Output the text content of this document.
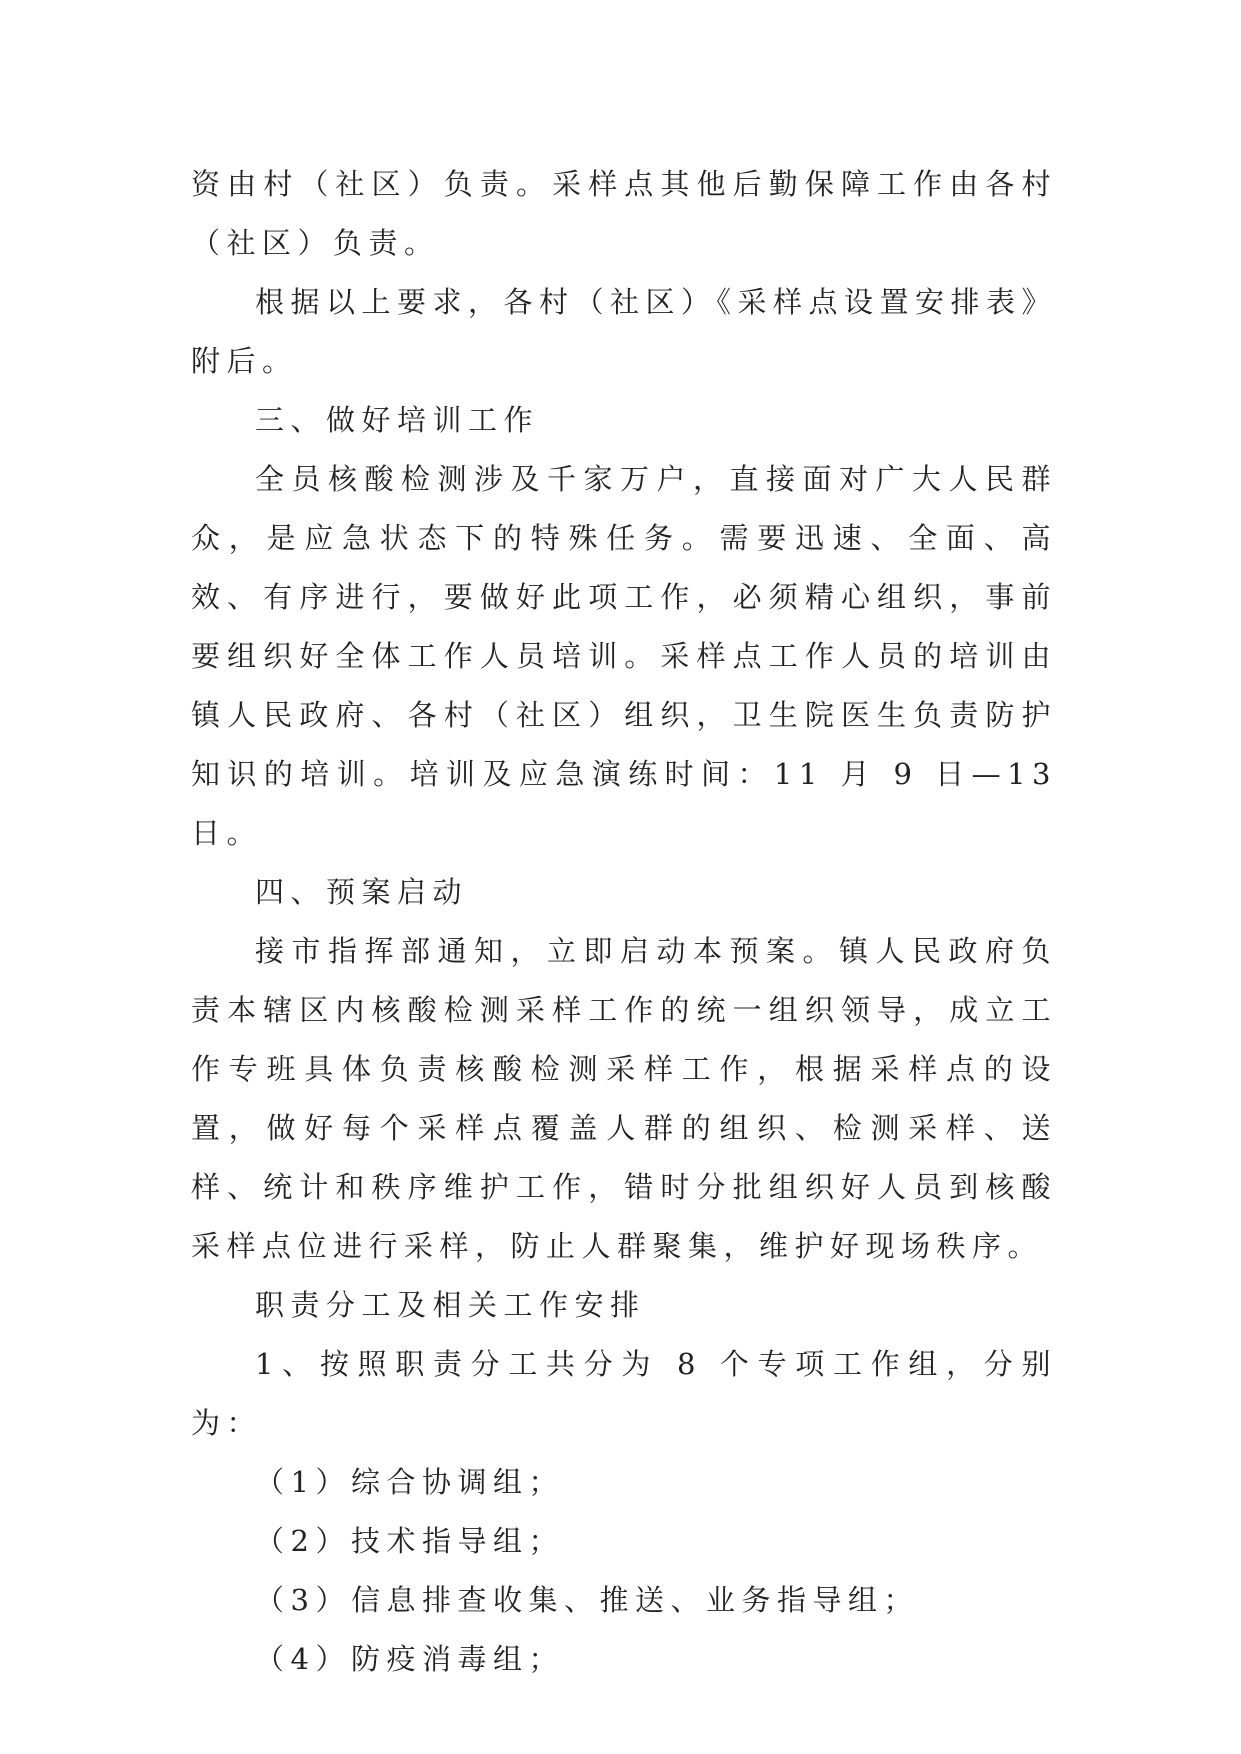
资由村（社区）负责。采样点其他后勤保障工作由各村（社区）负责。

根据以上要求，各村（社区）《采样点设置安排表》附后。

三、做好培训工作

全员核酸检测涉及千家万户，直接面对广大人民群众，是应急状态下的特殊任务。需要迅速、全面、高效、有序进行，要做好此项工作，必须精心组织，事前要组织好全体工作人员培训。采样点工作人员的培训由镇人民政府、各村（社区）组织，卫生院医生负责防护知识的培训。培训及应急演练时间：11 月 9 日—13 日。

四、预案启动

接市指挥部通知，立即启动本预案。镇人民政府负责本辖区内核酸检测采样工作的统一组织领导，成立工作专班具体负责核酸检测采样工作，根据采样点的设置，做好每个采样点覆盖人群的组织、检测采样、送样、统计和秩序维护工作，错时分批组织好人员到核酸采样点位进行采样，防止人群聚集，维护好现场秩序。

职责分工及相关工作安排

1、按照职责分工共分为 8 个专项工作组，分别为：

（1）综合协调组；

（2）技术指导组；

（3）信息排查收集、推送、业务指导组；

（4）防疫消毒组；
